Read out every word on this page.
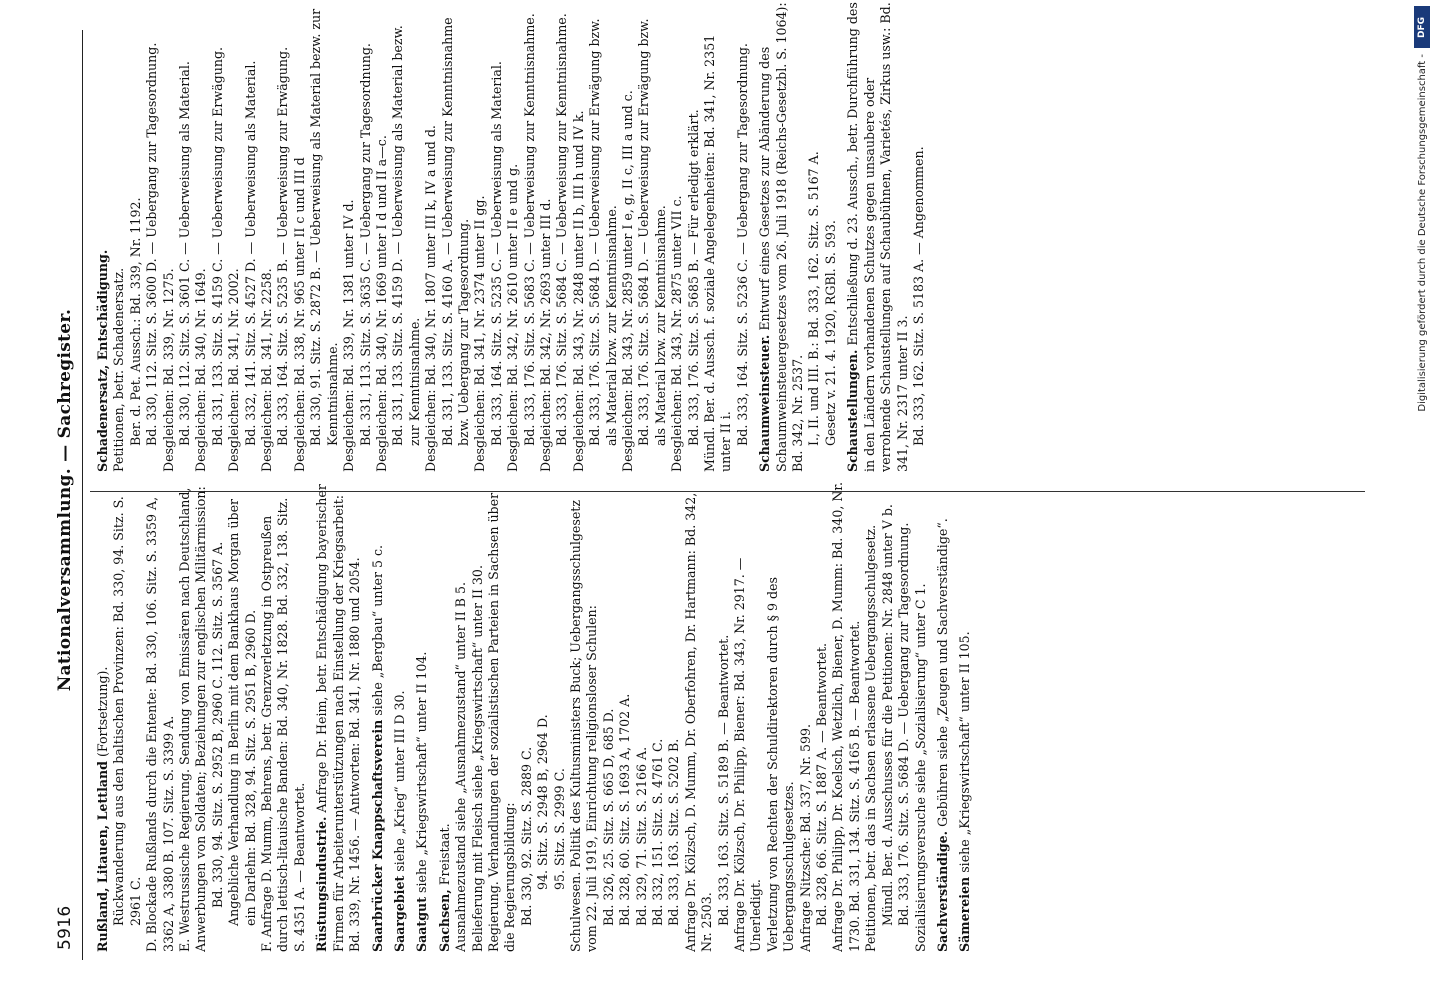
5916
Nationalversammlung. — Sachregister.

Rußland, Litauen, Lettland (Fortsetzung). Rückwanderung aus den baltischen Provinzen: Bd. 330, 94. Sitz. S. 2961 C. D. Blockade Rußlands durch die Entente: Bd. 330, 106. Sitz. S. 3359 A, 3362 A, 3380 B. 107. Sitz. S. 3399 A. E. Westrussische Regierung. Sendung von Emissären nach Deutschland, Anwerbungen von Soldaten; Beziehungen zur englischen Militärmission: Bd. 330, 94. Sitz. S. 2952 B, 2960 C. 112. Sitz. S. 3567 A. Angebliche Verhandlung in Berlin mit dem Bankhaus Morgan über ein Darlehn: Bd. 328, 94. Sitz. S. 2951 B, 2960 D. F. Anfrage D. Mumm, Behrens, betr. Grenzverletzung in Ostpreußen durch lettisch-litauische Banden: Bd. 340, Nr. 1828. Bd. 332, 138. Sitz. S. 4351 A. — Beantwortet. Rüstungsindustrie. Anfrage Dr. Heim, betr. Entschädigung bayerischer Firmen für Arbeiterunterstützungen nach Einstellung der Kriegsarbeit: Bd. 339, Nr. 1456. — Antworten: Bd. 341, Nr. 1880 und 2054. Saarbrücker Knappschaftsverein siehe „Bergbau“ unter 5 c.

Saargebiet siehe „Krieg“ unter III D 30.

Saatgut siehe „Kriegswirtschaft“ unter II 104.

Sachsen, Freistaat. Ausnahmezustand siehe „Ausnahmezustand“ unter II B 5. Belieferung mit Fleisch siehe „Kriegswirtschaft“ unter II 30. Regierung. Verhandlungen der sozialistischen Parteien in Sachsen über die Regierungsbildung: Bd. 330, 92. Sitz. S. 2889 C. 94. Sitz. S. 2948 B, 2964 D. 95. Sitz. S. 2999 C. Schulwesen. Politik des Kultusministers Buck; Uebergangsschulgesetz vom 22. Juli 1919, Einrichtung religionsloser Schulen: Bd. 326, 25. Sitz. S. 665 D, 685 D. Bd. 328, 60. Sitz. S. 1693 A, 1702 A. Bd. 329, 71. Sitz. S. 2166 A. Bd. 332, 151. Sitz. S. 4761 C. Bd. 333, 163. Sitz. S. 5202 B. Anfrage Dr. Kölzsch, D. Mumm, Dr. Oberfohren, Dr. Hartmann: Bd. 342, Nr. 2503. Bd. 333, 163. Sitz. S. 5189 B. — Beantwortet. Anfrage Dr. Kölzsch, Dr. Philipp, Biener: Bd. 343, Nr. 2917. — Unerledigt. Verletzung von Rechten der Schuldirektoren durch § 9 des Uebergangsschulgesetzes. Anfrage Nitzsche: Bd. 337, Nr. 599. Bd. 328, 66. Sitz. S. 1887 A. — Beantwortet. Anfrage Dr. Philipp, Dr. Koelsch, Wetzlich, Biener, D. Mumm: Bd. 340, Nr. 1730. Bd. 331, 134. Sitz. S. 4165 B. — Beantwortet. Petitionen, betr. das in Sachsen erlassene Uebergangsschulgesetz. Mündl. Ber. d. Ausschusses für die Petitionen: Nr. 2848 unter V b. Bd. 333, 176. Sitz. S. 5684 D. — Uebergang zur Tagesordnung. Sozialisierungsversuche siehe „Sozialisierung“ unter C 1. Sachverständige. Gebühren siehe „Zeugen und Sachverständige“.

Sämereien siehe „Kriegswirtschaft“ unter II 105.

Schadenersatz, Entschädigung. Petitionen, betr. Schadenersatz. Ber. d. Pet. Aussch.: Bd. 339, Nr. 1192. Bd. 330, 112. Sitz. S. 3600 D. — Uebergang zur Tagesordnung. Desgleichen: Bd. 339, Nr. 1275. Bd. 330, 112. Sitz. S. 3601 C. — Ueberweisung als Material. Desgleichen: Bd. 340, Nr. 1649. Bd. 331, 133. Sitz. S. 4159 C. — Ueberweisung zur Erwägung. Desgleichen: Bd. 341, Nr. 2002. Bd. 332, 141. Sitz. S. 4527 D. — Ueberweisung als Material. Desgleichen: Bd. 341, Nr. 2258. Bd. 333, 164. Sitz. S. 5235 B. — Ueberweisung zur Erwägung. Desgleichen: Bd. 338, Nr. 965 unter II c und III d Bd. 330, 91. Sitz. S. 2872 B. — Ueberweisung als Material bezw. zur Kenntnisnahme. Desgleichen: Bd. 339, Nr. 1381 unter IV d. Bd. 331, 113. Sitz. S. 3635 C. — Uebergang zur Tagesordnung. Desgleichen: Bd. 340, Nr. 1669 unter I d und II a—c. Bd. 331, 133. Sitz. S. 4159 D. — Ueberweisung als Material bezw. zur Kenntnisnahme. Desgleichen: Bd. 340, Nr. 1807 unter III k, IV a und d. Bd. 331, 133. Sitz. S. 4160 A. — Ueberweisung zur Kenntnisnahme bzw. Uebergang zur Tagesordnung. Desgleichen: Bd. 341, Nr. 2374 unter II gg. Bd. 333, 164. Sitz. S. 5235 C. — Ueberweisung als Material. Desgleichen: Bd. 342, Nr. 2610 unter II e und g. Bd. 333, 176. Sitz. S. 5683 C. — Ueberweisung zur Kenntnisnahme. Desgleichen: Bd. 342, Nr. 2693 unter III d. Bd. 333, 176. Sitz. S. 5684 C. — Ueberweisung zur Kenntnisnahme. Desgleichen: Bd. 343, Nr. 2848 unter II b, III h und IV k. Bd. 333, 176. Sitz. S. 5684 D. — Ueberweisung zur Erwägung bzw. als Material bzw. zur Kenntnisnahme. Desgleichen: Bd. 343, Nr. 2859 unter I e, g, II c, III a und c. Bd. 333, 176. Sitz. S. 5684 D. — Ueberweisung zur Erwägung bzw. als Material bzw. zur Kenntnisnahme. Desgleichen: Bd. 343, Nr. 2875 unter VII c. Bd. 333, 176. Sitz. S. 5685 B. — Für erledigt erklärt. Mündl. Ber. d. Aussch. f. soziale Angelegenheiten: Bd. 341, Nr. 2351 unter II i. Bd. 333, 164. Sitz. S. 5236 C. — Uebergang zur Tagesordnung. Schaumweinsteuer. Entwurf eines Gesetzes zur Abänderung des Schaumweinsteuergesetzes vom 26. Juli 1918 (Reichs-Gesetzbl. S. 1064): Bd. 342, Nr. 2537. I., II. und III. B.: Bd. 333, 162. Sitz. S. 5167 A. Gesetz v. 21. 4. 1920, RGBl. S. 593. Schaustellungen. Entschließung d. 23. Aussch., betr. Durchführung des in den Ländern vorhandenen Schutzes gegen unsaubere oder verrohende Schaustellungen auf Schaubühnen, Varietés, Zirkus usw.: Bd. 341, Nr. 2317 unter II 3. Bd. 333, 162. Sitz. S. 5183 A. — Angenommen.

DFG
Digitalisierung gefördert durch die Deutsche Forschungsgemeinschaft -
